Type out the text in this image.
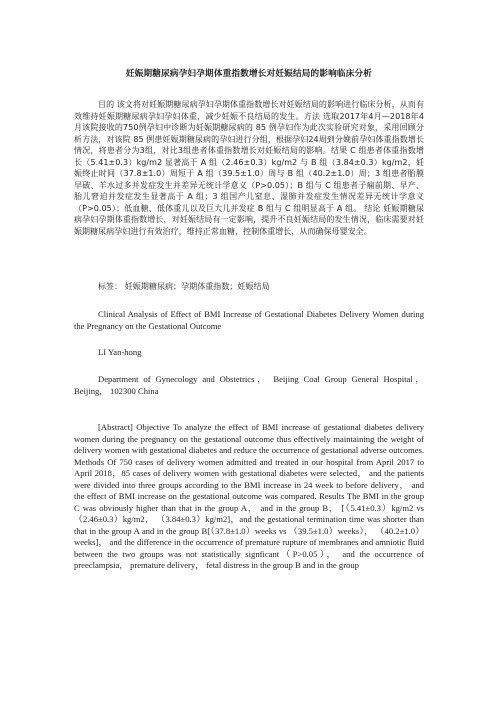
妊娠期糖尿病孕妇孕期体重指数增长对妊娠结局的影响临床分析

目的 该文将对妊娠期糖尿病孕妇孕期体重指数增长对妊娠结局的影响进行临床分析，从而有效维持妊娠期糖尿病孕妇孕妇体重，减少妊娠不良结局的发生。方法 选取2017年4月—2018年4月该院接收的750例孕妇中诊断为妊娠期糖尿病的 85 例孕妇作为此次实验研究对象，采用回顾分析方法，对该院 85 例患妊娠期糖尿病的孕妇进行分组，根据孕妇24周到分娩前孕妇体重指数增长情况，将患者分为3组，对比3组患者体重指数增长对妊娠结局的影响。结果 C 组患者体重指数增长（5.41±0.3）kg/m2 显著高于 A 组（2.46±0.3）kg/m2 与 B 组（3.84±0.3）kg/m2，妊娠终止时间（37.8±1.0）周短于 A 组（39.5±1.0）周与 B 组（40.2±1.0）周；3 组患者胎膜早破、羊水过多并发症发生并差异无统计学意义（P>0.05）；B 组与 C 组患者子痫前期、早产、胎儿窘迫并发症发生显著高于 A 组；3 组国产儿窒息、湿肺并发症发生情况差异无统计学意义（P>0.05）；低血糖、低体重儿以及巨大儿并发症 B 组与 C 组明显高于 A 组。 结论 妊娠期糖尿病孕妇孕期体重指数增长，对妊娠结局有一定影响，提升不良妊娠结局的发生情况，临床需要对妊娠期糖尿病孕妇进行有效治疗，维持正常血糖，控制体重增长，从而确保母婴安全。

标签： 妊娠期糖尿病；孕期体重指数；妊娠结局

Clinical Analysis of Effect of BMI Increase of Gestational Diabetes Delivery Women during the Pregnancy on the Gestational Outcome

LI Yan-hong

Department of Gynecology and Obstetrics， Beijing Coal Group General Hospital， Beijing， 102300 China

[Abstract] Objective To analyze the effect of BMI increase of gestational diabetes delivery women during the pregnancy on the gestational outcome thus effectively maintaining the weight of delivery women with gestational diabetes and reduce the occurrence of gestational adverse outcomes. Methods Of 750 cases of delivery women admitted and treated in our hospital from April 2017 to April 2018，85 cases of delivery women with gestational diabetes were selected， and the patients were divided into three groups according to the BMI increase in 24 week to before delivery， and the effect of BMI increase on the gestational outcome was compared. Results The BMI in the group C was obviously higher than that in the group A， and in the group B， [（5.41±0.3）kg/m2 vs （2.46±0.3）kg/m2， （3.84±0.3）kg/m2]，and the gestational termination time was shorter than that in the group A and in the group B[（37.8±1.0）weeks vs （39.5±1.0）weeks）， （40.2±1.0）weeks]， and the difference in the occurrence of premature rupture of membranes and amniotic fluid between the two groups was not statistically signficant（P>0.05）， and the occurrence of preeclampsia， premature delivery， fetal distress in the group B and in the group
